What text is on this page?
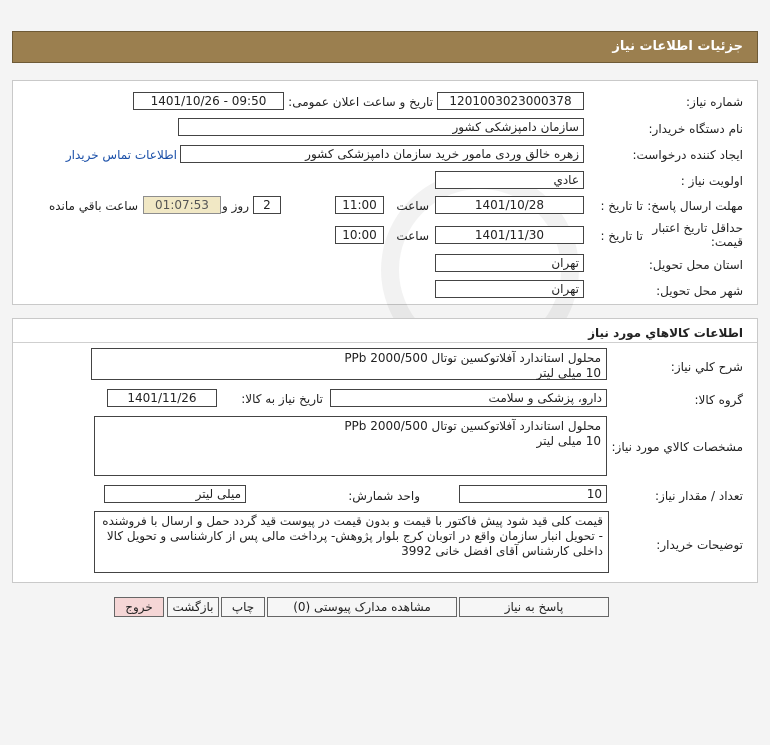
جزئیات اطلاعات نیاز
شماره نیاز:
1201003023000378
تاریخ و ساعت اعلان عمومی:
1401/10/26 - 09:50
نام دستگاه خریدار:
سازمان دامپزشکی کشور
ایجاد کننده درخواست:
زهره خالق وردی مامور خرید سازمان دامپزشکی کشور
اطلاعات تماس خریدار
اولویت نیاز :
عادي
مهلت ارسال پاسخ:
تا تاریخ :
1401/10/28
ساعت
11:00
2
روز و
01:07:53
ساعت باقي مانده
حداقل تاریخ اعتبار
قیمت:
تا تاریخ :
1401/11/30
ساعت
10:00
استان محل تحویل:
تهران
شهر محل تحویل:
تهران
اطلاعات کالاهاي مورد نياز
شرح کلي نياز:
محلول استاندارد آفلاتوکسین توتال PPb 2000/500
10 میلی لیتر
گروه کالا:
دارو، پزشکی و سلامت
تاریخ نیاز به کالا:
1401/11/26
مشخصات کالاي مورد نياز:
محلول استاندارد آفلاتوکسین توتال PPb 2000/500
10 میلی لیتر
تعداد / مقدار نیاز:
10
واحد شمارش:
میلی لیتر
توضیحات خریدار:
قیمت کلی قید شود پیش فاکتور با قیمت و بدون قیمت در پیوست قید گردد حمل و ارسال با فروشنده - تحویل انبار سازمان واقع در اتوبان کرج بلوار پژوهش- پرداخت مالی پس از کارشناسی و تحویل کالا داخلی کارشناس آقای افضل خانی 3992
پاسخ به نیاز
مشاهده مدارک پیوستی (0)
چاپ
بازگشت
خروج
